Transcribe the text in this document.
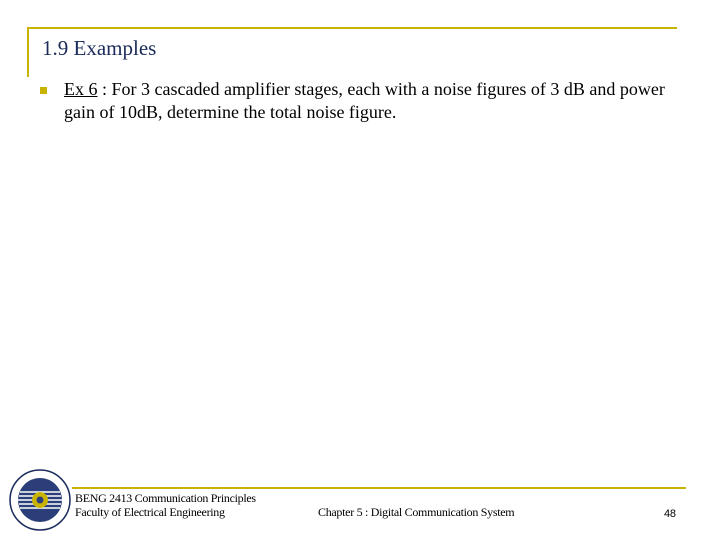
1.9 Examples
Ex 6 : For 3 cascaded amplifier stages, each with a noise figures of 3 dB and power gain of 10dB, determine the total noise figure.
BENG 2413 Communication Principles
Faculty of Electrical Engineering	Chapter 5 : Digital Communication System	48
